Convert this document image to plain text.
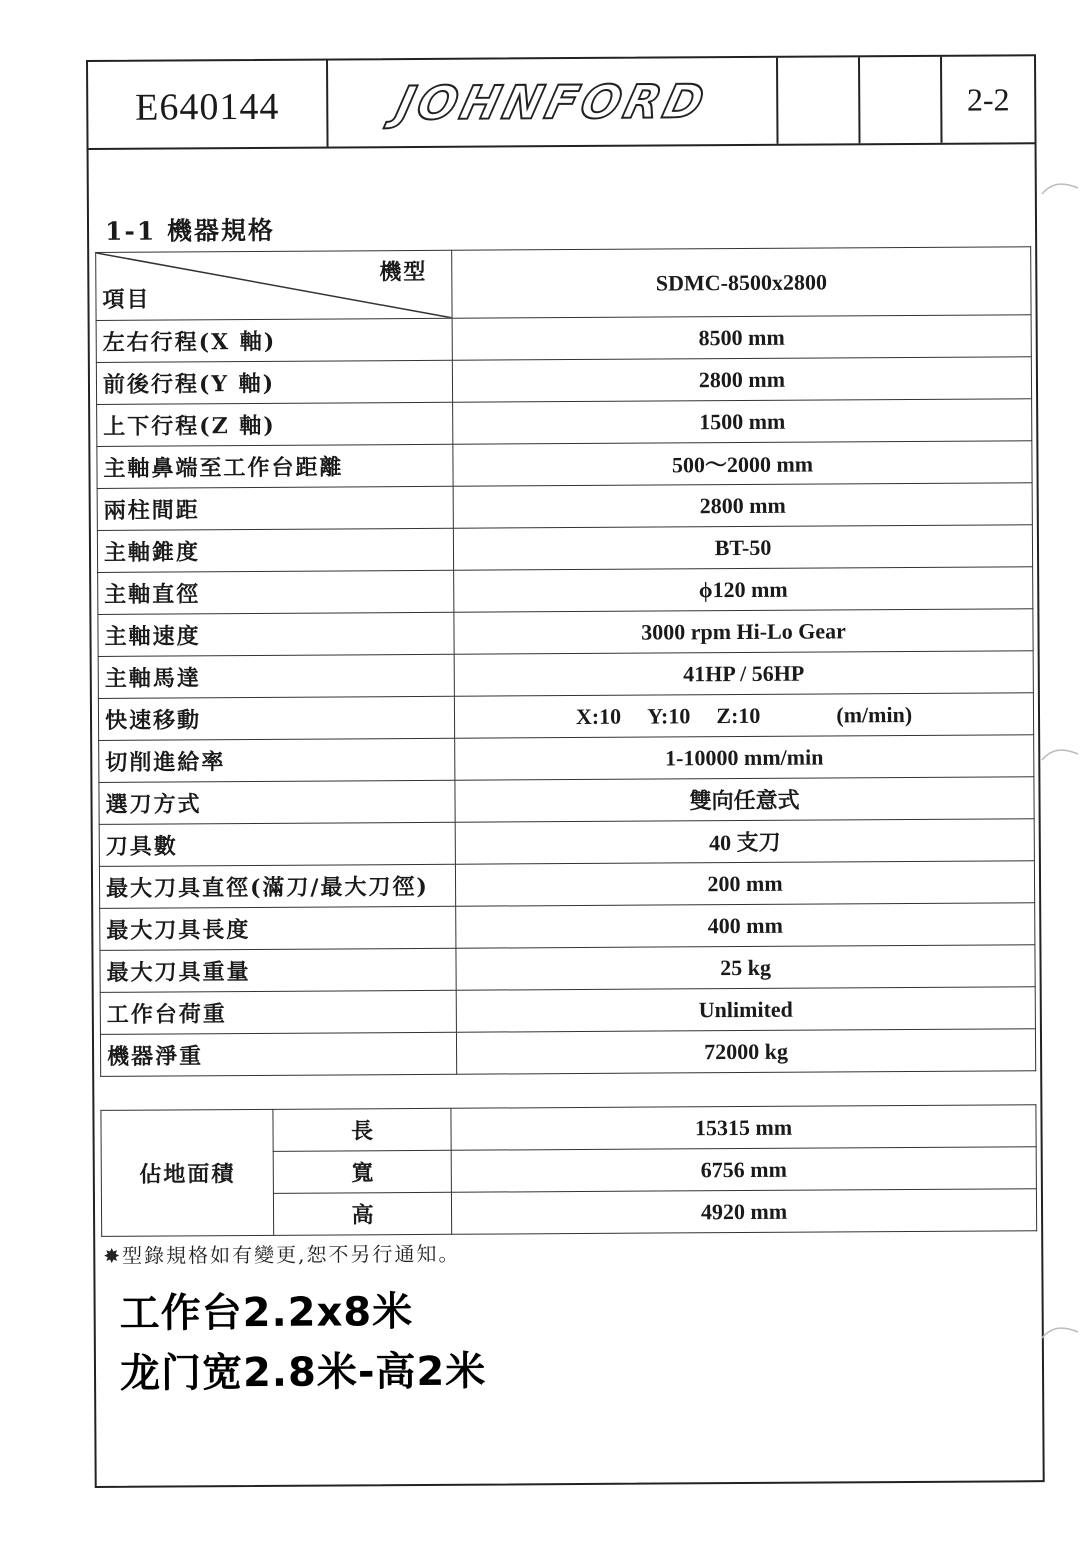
E640144	JOHNFORD	2-2
1-1 機器規格
機型
項目	SDMC-8500x2800
左右行程(X 軸)	8500 mm
前後行程(Y 軸)	2800 mm
上下行程(Z 軸)	1500 mm
主軸鼻端至工作台距離	500～2000 mm
兩柱間距	2800 mm
主軸錐度	BT-50
主軸直徑	ϕ120 mm
主軸速度	3000 rpm Hi-Lo Gear
主軸馬達	41HP / 56HP
快速移動	X:10 Y:10 Z:10 (m/min)

切削進給率	1-10000 mm/min
選刀方式	雙向任意式
刀具數	40 支刀
最大刀具直徑(滿刀/最大刀徑)	200 mm
最大刀具長度	400 mm
最大刀具重量	25 kg
工作台荷重	Unlimited
機器淨重	72000 kg
佔地面積	長	15315 mm
	寬	6756 mm
	高	4920 mm
✸型錄規格如有變更,恕不另行通知。
工作台2.2x8米
龙门宽2.8米-高2米
